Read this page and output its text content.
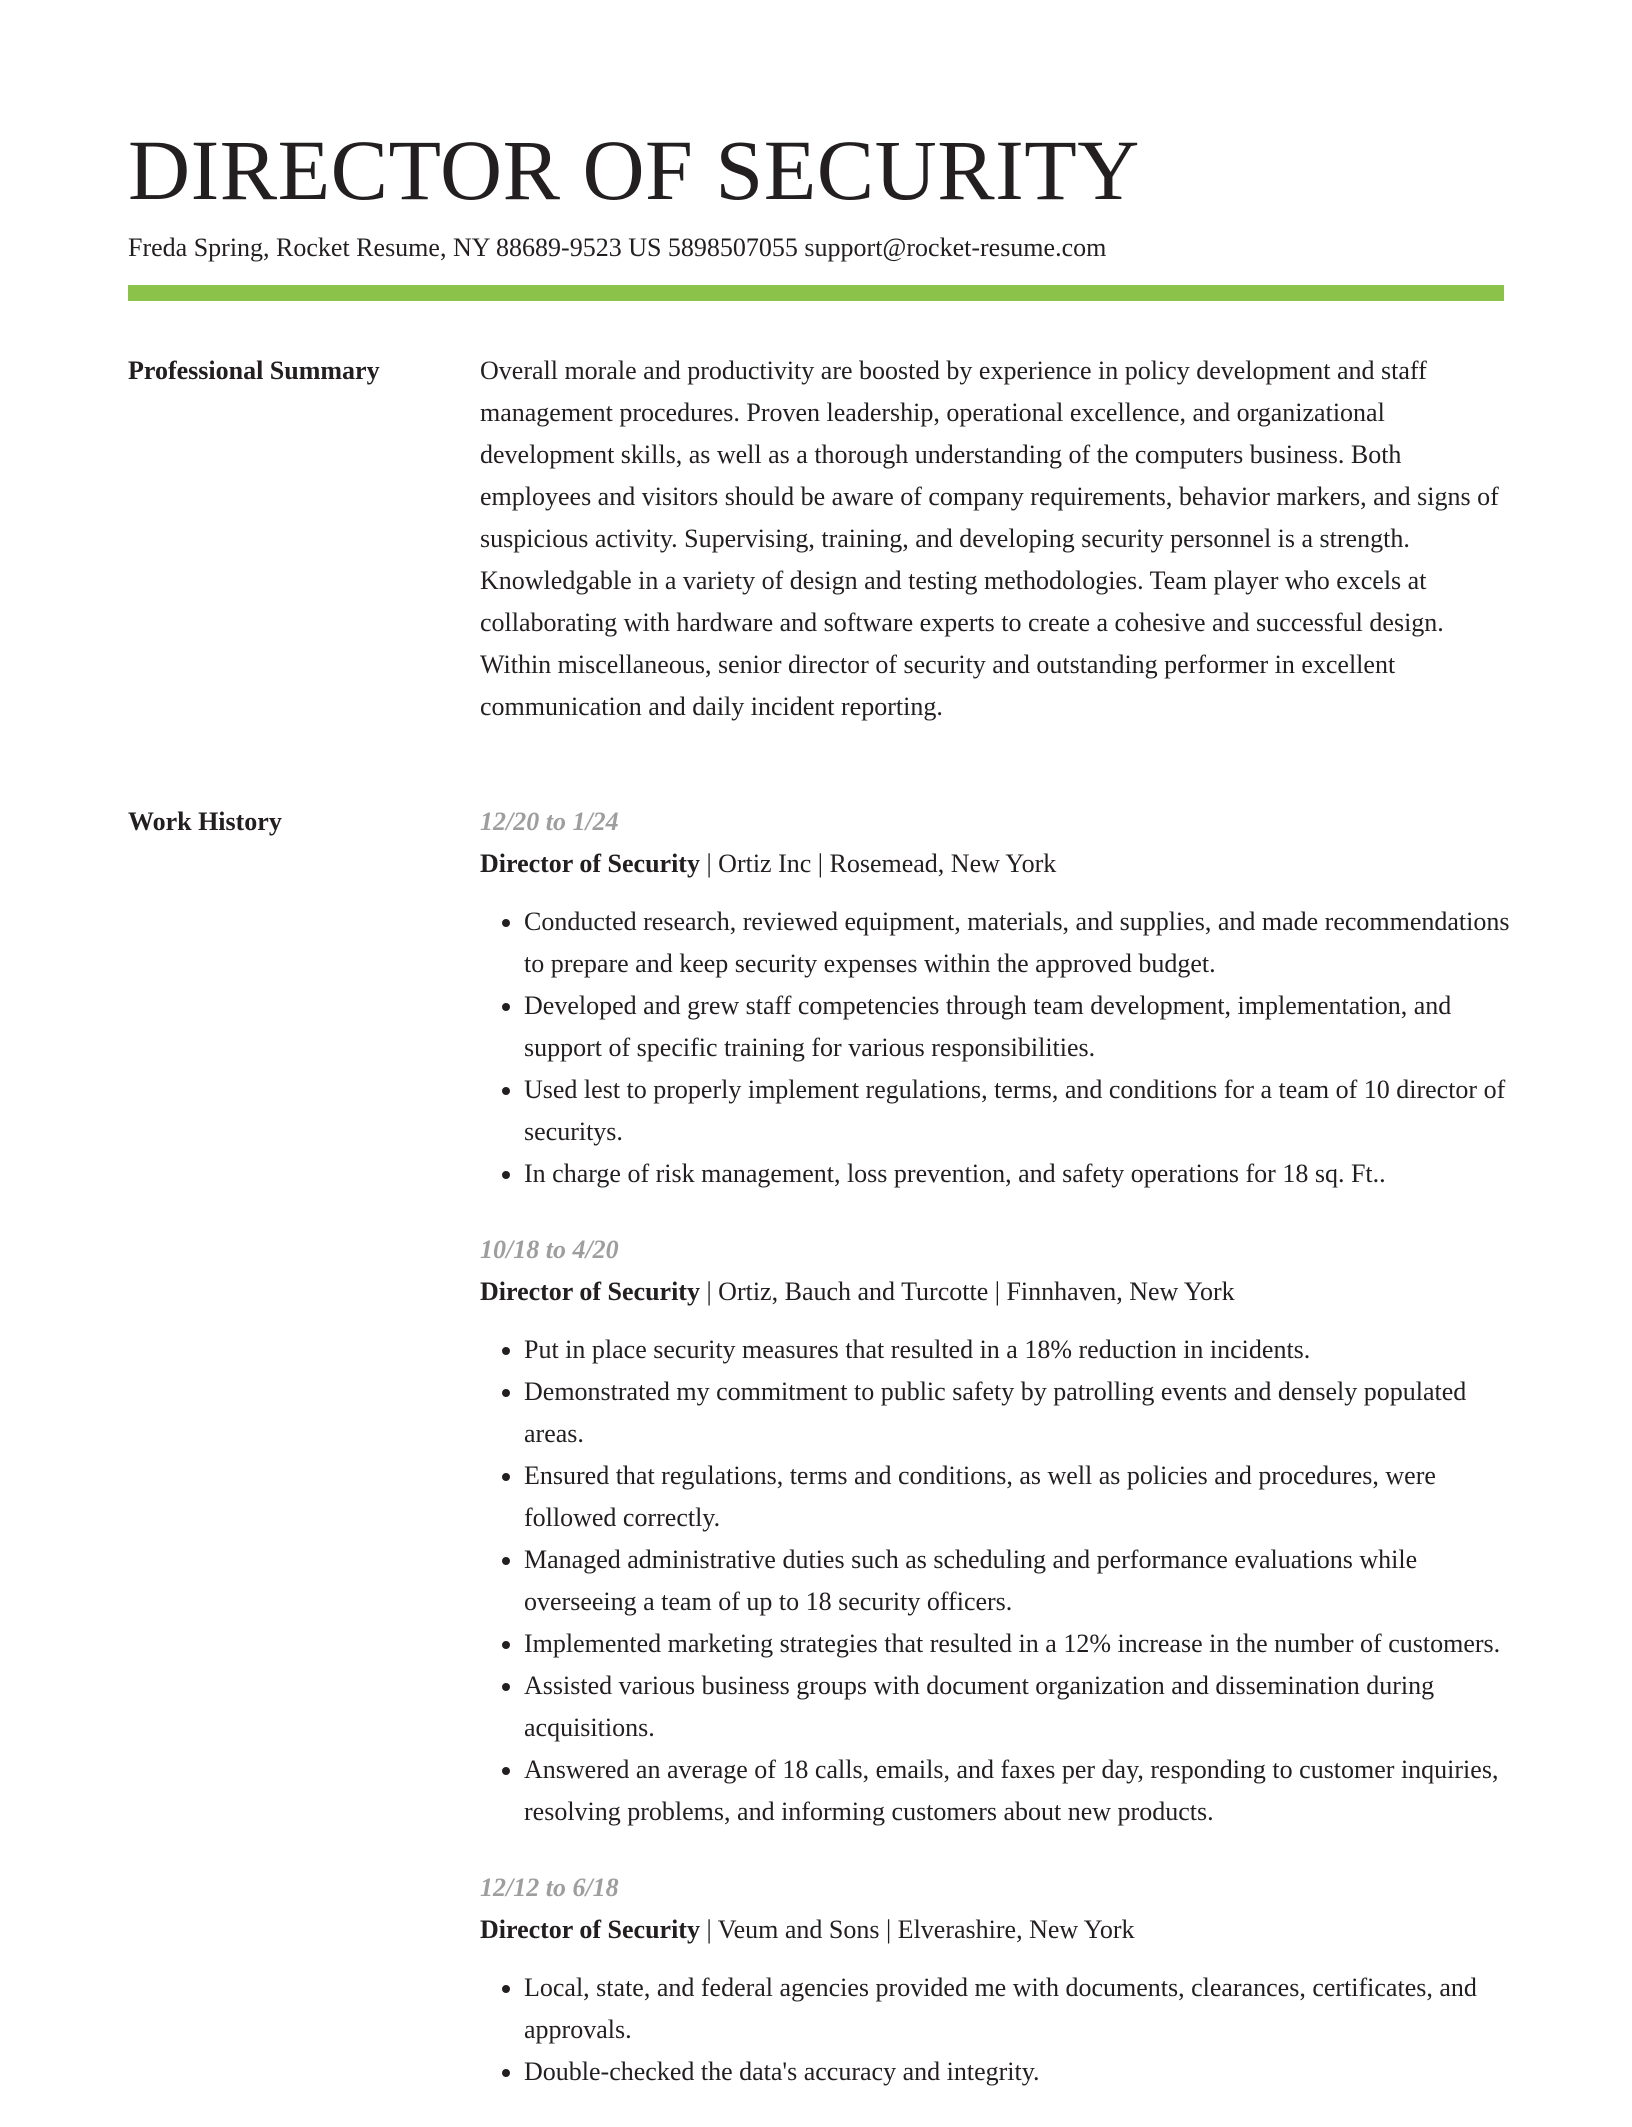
DIRECTOR OF SECURITY
Freda Spring, Rocket Resume, NY 88689-9523 US 5898507055 support@rocket-resume.com
Professional Summary	Overall morale and productivity are boosted by experience in policy development and staff management procedures. Proven leadership, operational excellence, and organizational development skills, as well as a thorough understanding of the computers business. Both employees and visitors should be aware of company requirements, behavior markers, and signs of suspicious activity. Supervising, training, and developing security personnel is a strength. Knowledgable in a variety of design and testing methodologies. Team player who excels at collaborating with hardware and software experts to create a cohesive and successful design. Within miscellaneous, senior director of security and outstanding performer in excellent communication and daily incident reporting.

Work History	12/20 to 1/24
Director of Security | Ortiz Inc | Rosemead, New York
• Conducted research, reviewed equipment, materials, and supplies, and made recommendations to prepare and keep security expenses within the approved budget.
• Developed and grew staff competencies through team development, implementation, and support of specific training for various responsibilities.
• Used lest to properly implement regulations, terms, and conditions for a team of 10 director of securitys.
• In charge of risk management, loss prevention, and safety operations for 18 sq. Ft..
10/18 to 4/20
Director of Security | Ortiz, Bauch and Turcotte | Finnhaven, New York
• Put in place security measures that resulted in a 18% reduction in incidents.
• Demonstrated my commitment to public safety by patrolling events and densely populated areas.
• Ensured that regulations, terms and conditions, as well as policies and procedures, were followed correctly.
• Managed administrative duties such as scheduling and performance evaluations while overseeing a team of up to 18 security officers.
• Implemented marketing strategies that resulted in a 12% increase in the number of customers.
• Assisted various business groups with document organization and dissemination during acquisitions.
• Answered an average of 18 calls, emails, and faxes per day, responding to customer inquiries, resolving problems, and informing customers about new products.
12/12 to 6/18
Director of Security | Veum and Sons | Elverashire, New York
• Local, state, and federal agencies provided me with documents, clearances, certificates, and approvals.
• Double-checked the data's accuracy and integrity.
